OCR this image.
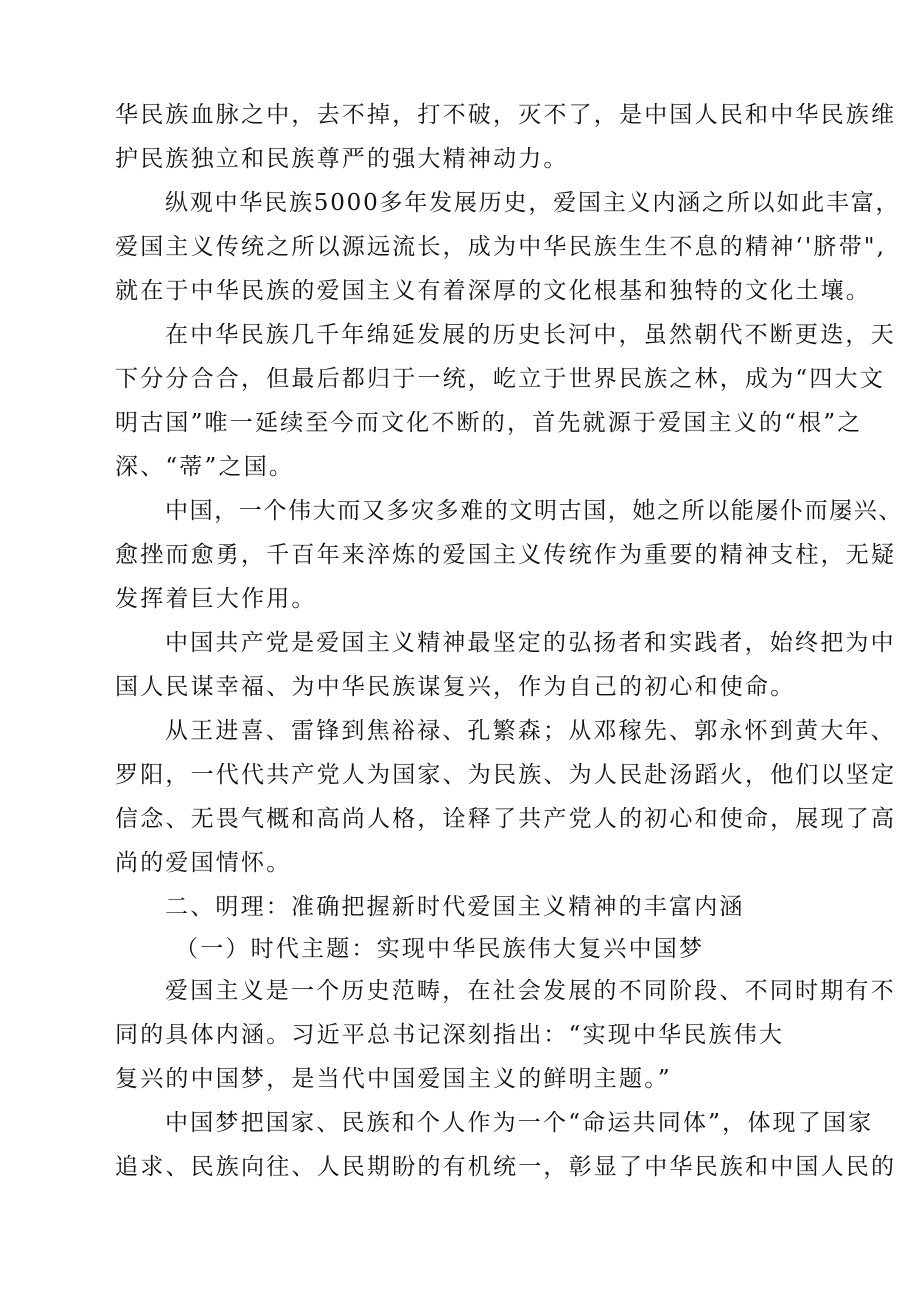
华民族血脉之中，去不掉，打不破，灭不了，是中国人民和中华民族维
护民族独立和民族尊严的强大精神动力。
纵观中华民族5000多年发展历史，爱国主义内涵之所以如此丰富，
爱国主义传统之所以源远流长，成为中华民族生生不息的精神‘'脐带",
就在于中华民族的爱国主义有着深厚的文化根基和独特的文化土壤。
在中华民族几千年绵延发展的历史长河中，虽然朝代不断更迭，天
下分分合合，但最后都归于一统，屹立于世界民族之林，成为“四大文
明古国”唯一延续至今而文化不断的，首先就源于爱国主义的“根”之
深、“蒂”之国。
中国，一个伟大而又多灾多难的文明古国，她之所以能屡仆而屡兴、
愈挫而愈勇，千百年来淬炼的爱国主义传统作为重要的精神支柱，无疑
发挥着巨大作用。
中国共产党是爱国主义精神最坚定的弘扬者和实践者，始终把为中
国人民谋幸福、为中华民族谋复兴，作为自己的初心和使命。
从王进喜、雷锋到焦裕禄、孔繁森；从邓稼先、郭永怀到黄大年、
罗阳，一代代共产党人为国家、为民族、为人民赴汤蹈火，他们以坚定
信念、无畏气概和高尚人格，诠释了共产党人的初心和使命，展现了高
尚的爱国情怀。
二、明理：准确把握新时代爱国主义精神的丰富内涵
（一）时代主题：实现中华民族伟大复兴中国梦
爱国主义是一个历史范畴，在社会发展的不同阶段、不同时期有不
同的具体内涵。习近平总书记深刻指出：“实现中华民族伟大
复兴的中国梦，是当代中国爱国主义的鲜明主题。”
中国梦把国家、民族和个人作为一个“命运共同体”，体现了国家
追求、民族向往、人民期盼的有机统一，彰显了中华民族和中国人民的
